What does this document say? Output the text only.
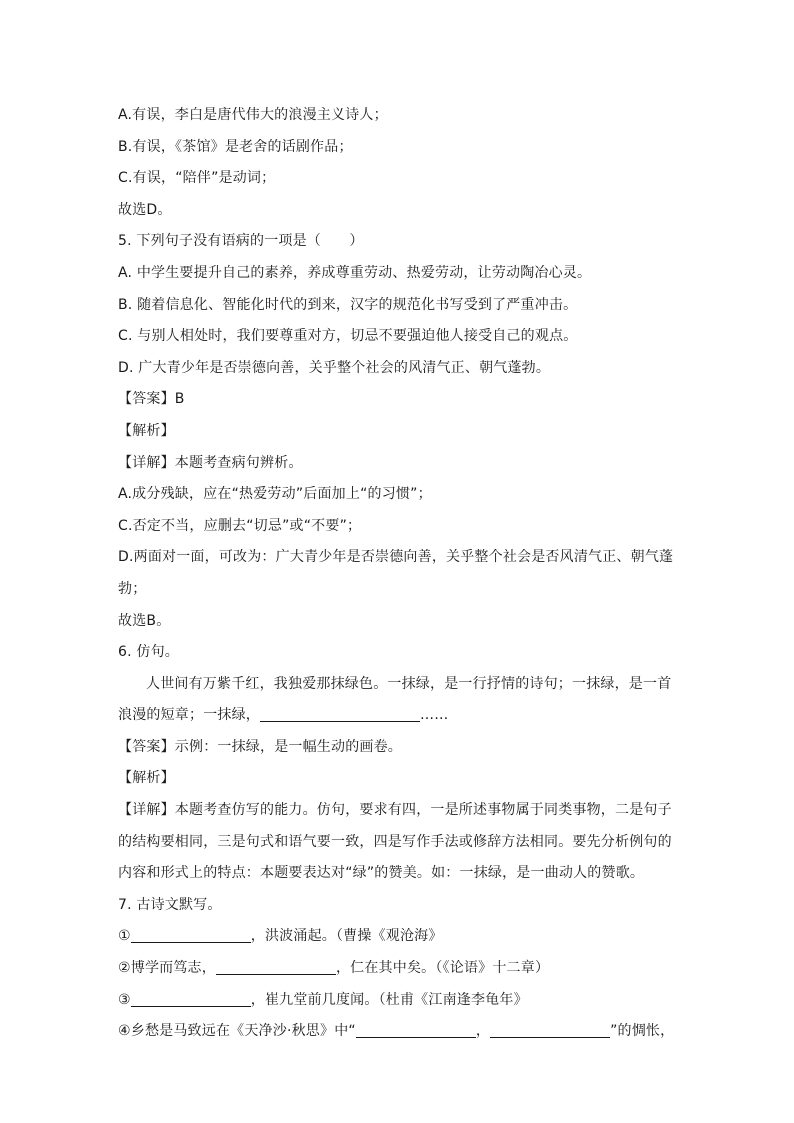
A.有误，李白是唐代伟大的浪漫主义诗人；
B.有误，《茶馆》是老舍的话剧作品；
C.有误，“陪伴”是动词；
故选D。
5. 下列句子没有语病的一项是（　　）
A. 中学生要提升自己的素养，养成尊重劳动、热爱劳动，让劳动陶冶心灵。
B. 随着信息化、智能化时代的到来，汉字的规范化书写受到了严重冲击。
C. 与别人相处时，我们要尊重对方，切忌不要强迫他人接受自己的观点。
D. 广大青少年是否崇德向善，关乎整个社会的风清气正、朝气蓬勃。
【答案】B
【解析】
【详解】本题考查病句辨析。
A.成分残缺，应在“热爱劳动”后面加上“的习惯”；
C.否定不当，应删去“切忌”或“不要”；
D.两面对一面，可改为：广大青少年是否崇德向善，关乎整个社会是否风清气正、朝气蓬
勃；
故选B。
6. 仿句。
人世间有万紫千红，我独爱那抹绿色。一抹绿，是一行抒情的诗句；一抹绿，是一首
浪漫的短章；一抹绿，	……
【答案】示例：一抹绿，是一幅生动的画卷。
【解析】
【详解】本题考查仿写的能力。仿句，要求有四，一是所述事物属于同类事物，二是句子
的结构要相同，三是句式和语气要一致，四是写作手法或修辞方法相同。要先分析例句的
内容和形式上的特点：本题要表达对“绿”的赞美。如：一抹绿，是一曲动人的赞歌。
7. 古诗文默写。
①	，洪波涌起。（曹操《观沧海》
②博学而笃志，	，仁在其中矣。（《论语》十二章）
③	，崔九堂前几度闻。（杜甫《江南逢李龟年》
④乡愁是马致远在《天净沙·秋思》中“	，	”的惆怅，
